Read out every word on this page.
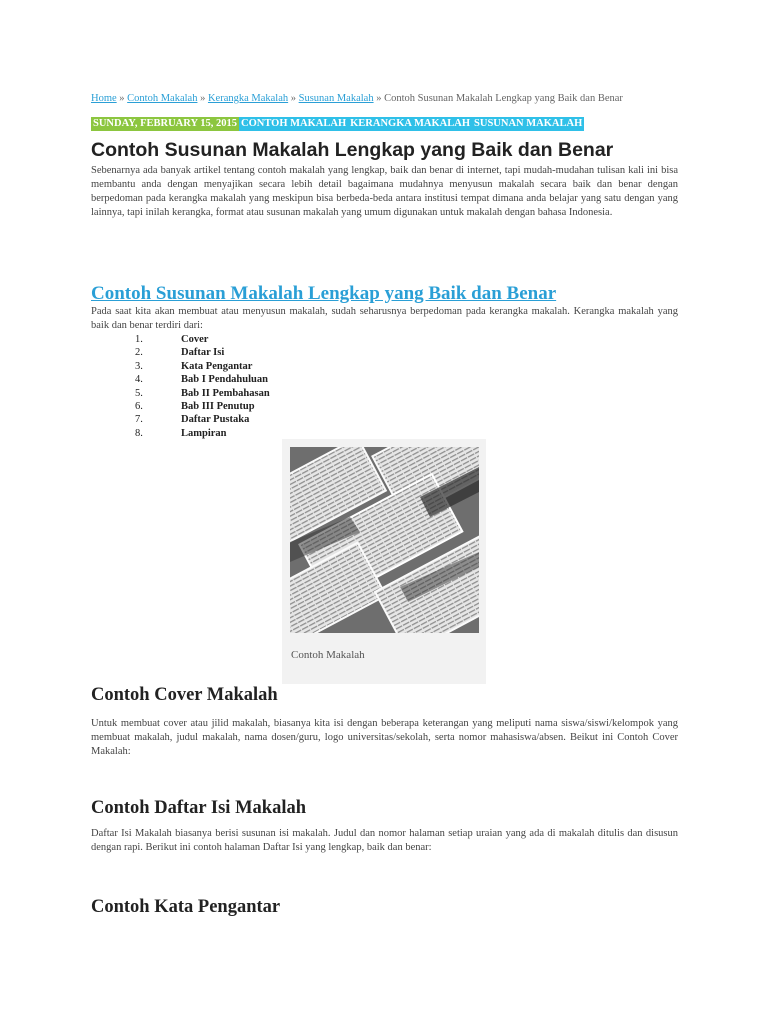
Home » Contoh Makalah » Kerangka Makalah » Susunan Makalah » Contoh Susunan Makalah Lengkap yang Baik dan Benar
SUNDAY, FEBRUARY 15, 2015 CONTOH MAKALAH KERANGKA MAKALAH SUSUNAN MAKALAH
Contoh Susunan Makalah Lengkap yang Baik dan Benar

Sebenarnya ada banyak artikel tentang contoh makalah yang lengkap, baik dan benar di internet, tapi mudah-mudahan tulisan kali ini bisa membantu anda dengan menyajikan secara lebih detail bagaimana mudahnya menyusun makalah secara baik dan benar dengan berpedoman pada kerangka makalah yang meskipun bisa berbeda-beda antara institusi tempat dimana anda belajar yang satu dengan yang lainnya, tapi inilah kerangka, format atau susunan makalah yang umum digunakan untuk makalah dengan bahasa Indonesia.

Contoh Susunan Makalah Lengkap yang Baik dan Benar

Pada saat kita akan membuat atau menyusun makalah, sudah seharusnya berpedoman pada kerangka makalah. Kerangka makalah yang baik dan benar terdiri dari:

1.	Cover
2.	Daftar Isi
3.	Kata Pengantar
4.	Bab I Pendahuluan
5.	Bab II Pembahasan
6.	Bab III Penutup
7.	Daftar Pustaka
8.	Lampiran
Contoh Makalah
Contoh Cover Makalah

Untuk membuat cover atau jilid makalah, biasanya kita isi dengan beberapa keterangan yang meliputi nama siswa/siswi/kelompok yang membuat makalah, judul makalah, nama dosen/guru, logo universitas/sekolah, serta nomor mahasiswa/absen. Beikut ini Contoh Cover Makalah:

Contoh Daftar Isi Makalah

Daftar Isi Makalah biasanya berisi susunan isi makalah. Judul dan nomor halaman setiap uraian yang ada di makalah ditulis dan disusun dengan rapi. Berikut ini contoh halaman Daftar Isi yang lengkap, baik dan benar:

Contoh Kata Pengantar
